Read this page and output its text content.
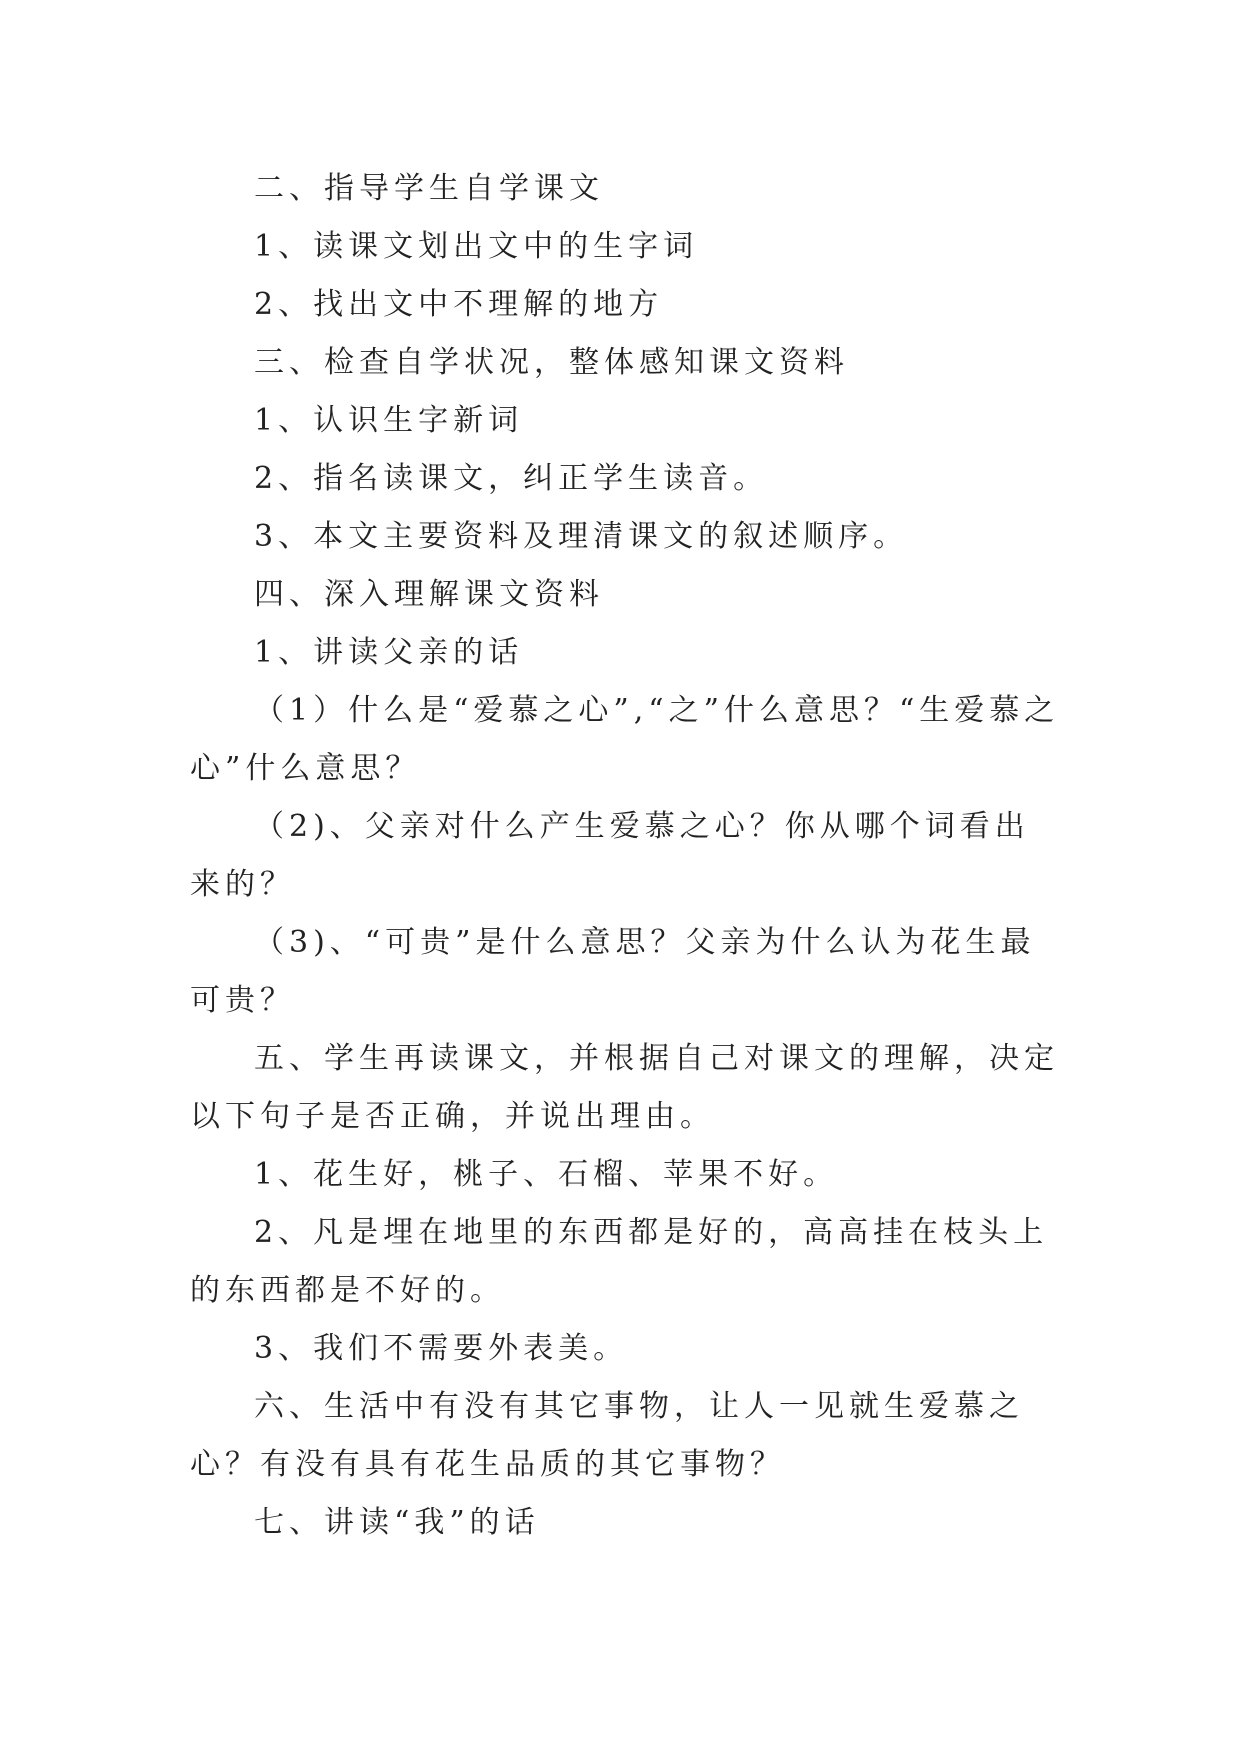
二、指导学生自学课文

1、读课文划出文中的生字词

2、找出文中不理解的地方

三、检查自学状况，整体感知课文资料

1、认识生字新词

2、指名读课文，纠正学生读音。

3、本文主要资料及理清课文的叙述顺序。

四、深入理解课文资料

1、讲读父亲的话

（1）什么是“爱慕之心”,“之”什么意思？“生爱慕之心”什么意思？

（2)、父亲对什么产生爱慕之心？你从哪个词看出来的？

（3)、“可贵”是什么意思？父亲为什么认为花生最可贵？

五、学生再读课文，并根据自己对课文的理解，决定以下句子是否正确，并说出理由。

1、花生好，桃子、石榴、苹果不好。

2、凡是埋在地里的东西都是好的，高高挂在枝头上的东西都是不好的。

3、我们不需要外表美。

六、生活中有没有其它事物，让人一见就生爱慕之心？有没有具有花生品质的其它事物？

七、讲读“我”的话
